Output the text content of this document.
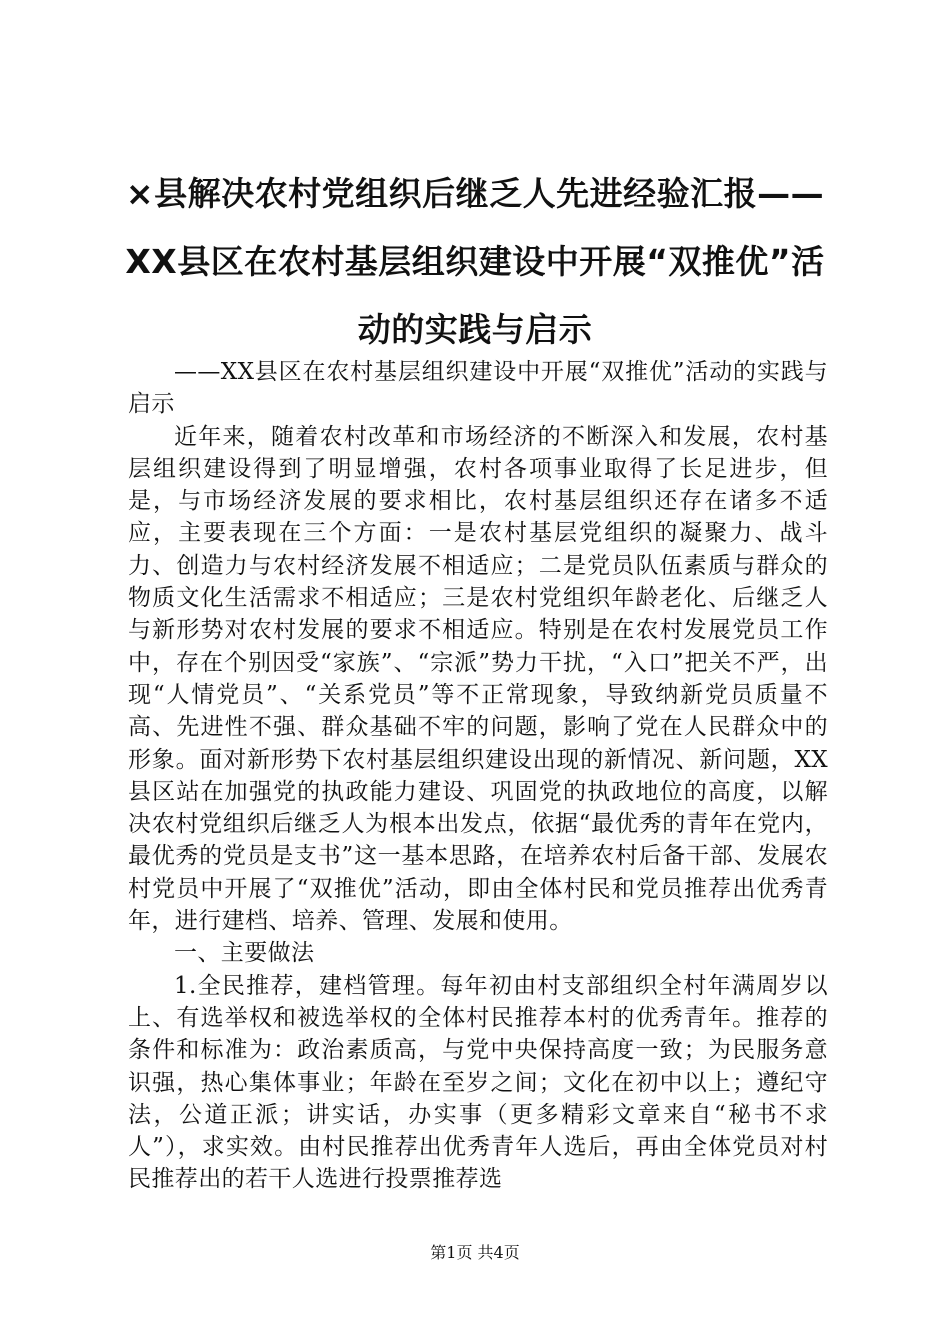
×县解决农村党组织后继乏人先进经验汇报——XX县区在农村基层组织建设中开展“双推优”活动的实践与启示

——XX县区在农村基层组织建设中开展“双推优”活动的实践与启示

近年来，随着农村改革和市场经济的不断深入和发展，农村基层组织建设得到了明显增强，农村各项事业取得了长足进步，但是，与市场经济发展的要求相比，农村基层组织还存在诸多不适应，主要表现在三个方面：一是农村基层党组织的凝聚力、战斗力、创造力与农村经济发展不相适应；二是党员队伍素质与群众的物质文化生活需求不相适应；三是农村党组织年龄老化、后继乏人与新形势对农村发展的要求不相适应。特别是在农村发展党员工作中，存在个别因受“家族”、“宗派”势力干扰，“入口”把关不严，出现“人情党员”、“关系党员”等不正常现象，导致纳新党员质量不高、先进性不强、群众基础不牢的问题，影响了党在人民群众中的形象。面对新形势下农村基层组织建设出现的新情况、新问题，XX县区站在加强党的执政能力建设、巩固党的执政地位的高度，以解决农村党组织后继乏人为根本出发点，依据“最优秀的青年在党内，最优秀的党员是支书”这一基本思路，在培养农村后备干部、发展农村党员中开展了“双推优”活动，即由全体村民和党员推荐出优秀青年，进行建档、培养、管理、发展和使用。

一、主要做法

1.全民推荐，建档管理。每年初由村支部组织全村年满周岁以上、有选举权和被选举权的全体村民推荐本村的优秀青年。推荐的条件和标准为：政治素质高，与党中央保持高度一致；为民服务意识强，热心集体事业；年龄在至岁之间；文化在初中以上；遵纪守法，公道正派；讲实话，办实事（更多精彩文章来自“秘书不求人”），求实效。由村民推荐出优秀青年人选后，再由全体党员对村民推荐出的若干人选进行投票推荐选

第1页 共4页
